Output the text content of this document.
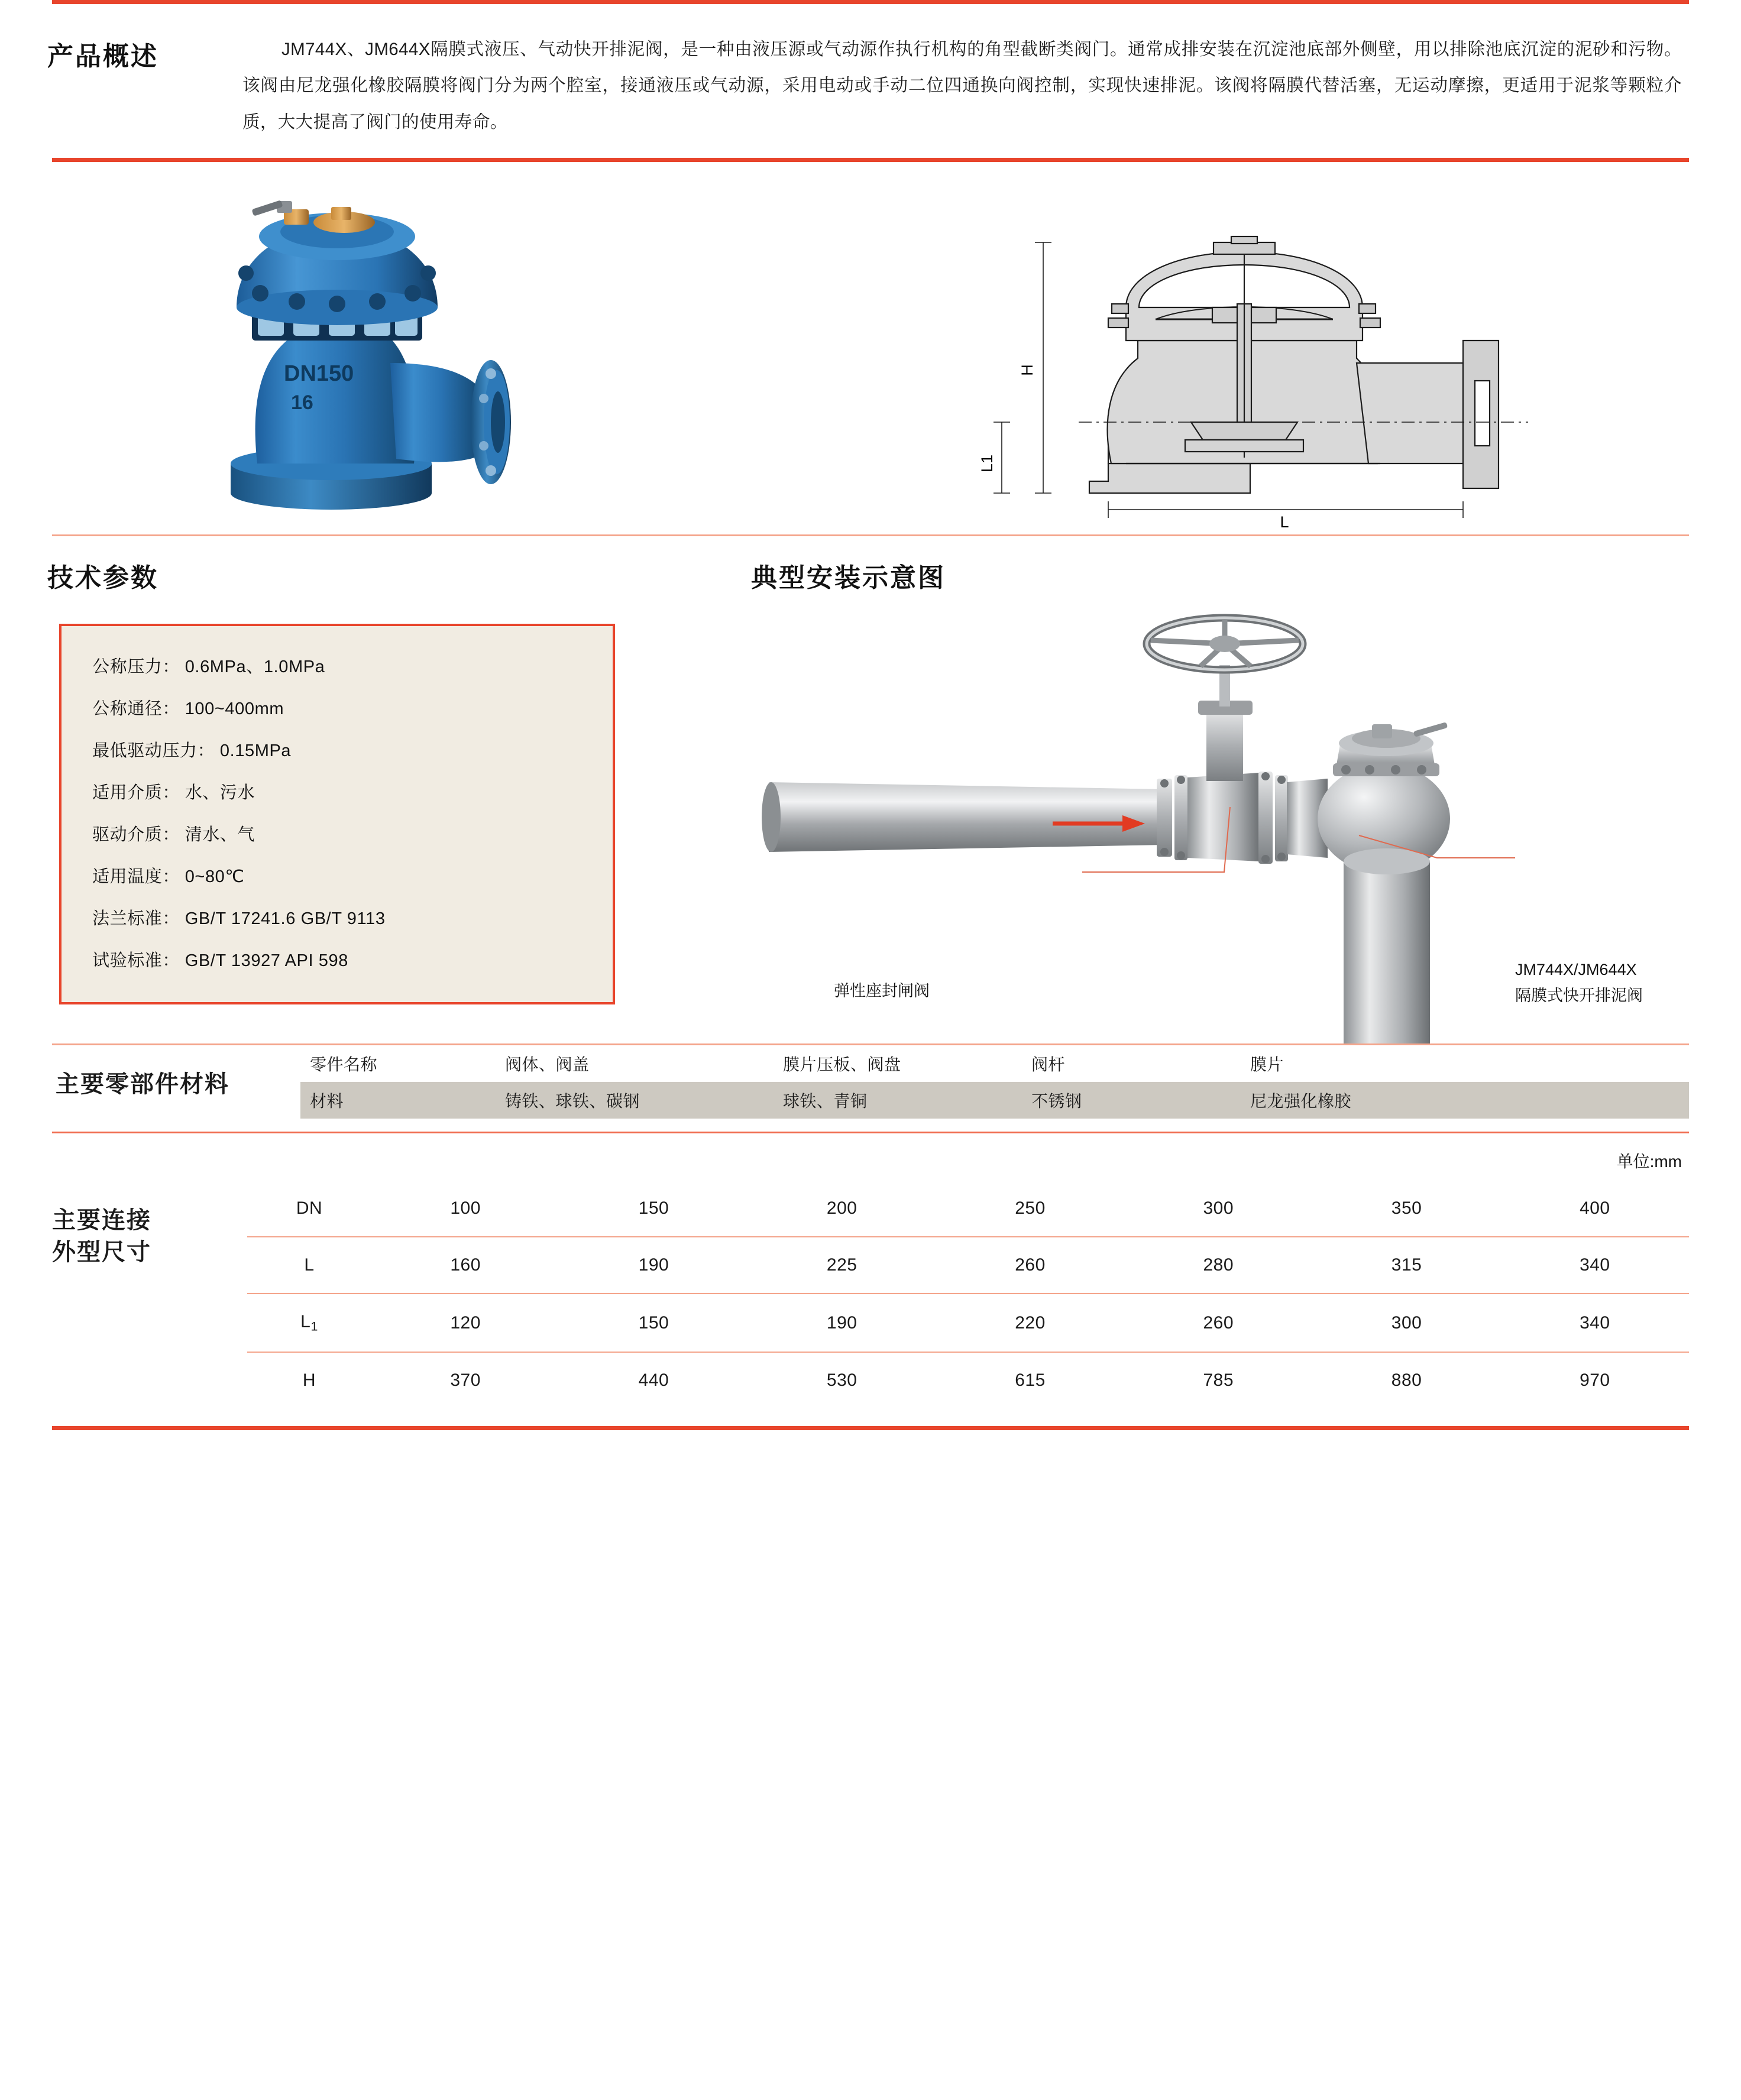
产品概述	JM744X、JM644X隔膜式液压、气动快开排泥阀，是一种由液压源或气动源作执行机构的角型截断类阀门。通常成排安装在沉淀池底部外侧壁，用以排除池底沉淀的泥砂和污物。该阀由尼龙强化橡胶隔膜将阀门分为两个腔室，接通液压或气动源，采用电动或手动二位四通换向阀控制，实现快速排泥。该阀将隔膜代替活塞，无运动摩擦，更适用于泥浆等颗粒介质，大大提高了阀门的使用寿命。
DN150
16
H
L1
L
技术参数
公称压力： 0.6MPa、1.0MPa
公称通径： 100~400mm
最低驱动压力： 0.15MPa
适用介质： 水、污水
驱动介质： 清水、气
适用温度： 0~80℃
法兰标准： GB/T 17241.6 GB/T 9113
试验标准： GB/T 13927 API 598
典型安装示意图
弹性座封闸阀
JM744X/JM644X
隔膜式快开排泥阀
主要零部件材料
零件名称	阀体、阀盖	膜片压板、阀盘	阀杆	膜片
材料	铸铁、球铁、碳钢	球铁、青铜	不锈钢	尼龙强化橡胶
单位:mm
主要连接
外型尺寸
DN	100	150	200	250	300	350	400
L	160	190	225	260	280	315	340
$L_1$	120	150	190	220	260	300	340
H	370	440	530	615	785	880	970
